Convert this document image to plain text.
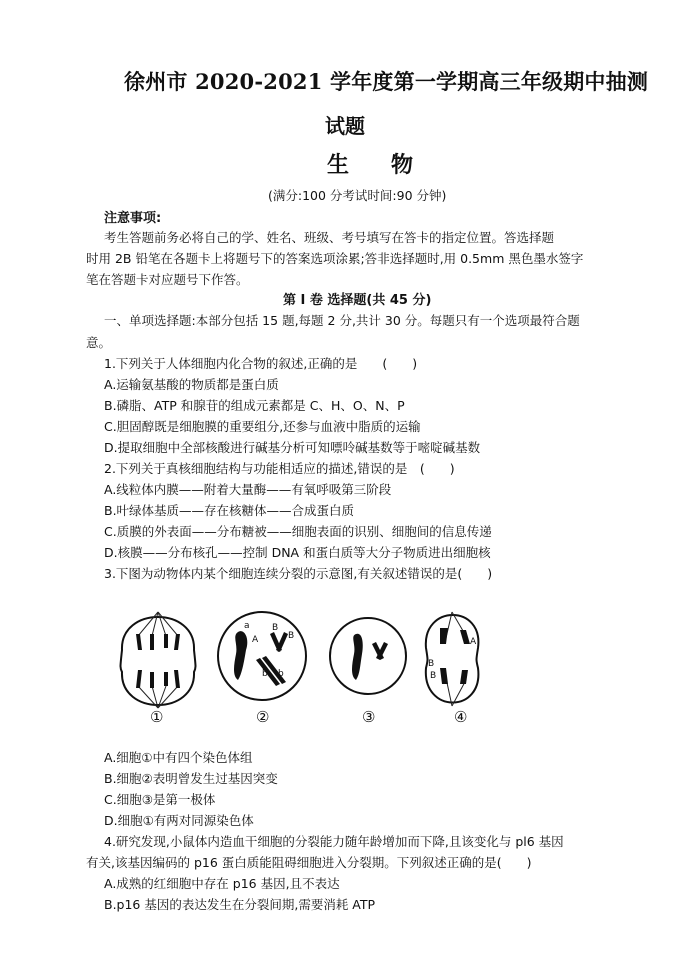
徐州市 2020-2021 学年度第一学期高三年级期中抽测
试题
生物
(满分:100 分考试时间:90 分钟)
注意事项:
考生答题前务必将自己的学、姓名、班级、考号填写在答卡的指定位置。答选择题
时用 2B 铅笔在各题卡上将题号下的答案选项涂累;答非选择题时,用 0.5mm 黑色墨水签字
笔在答题卡对应题号下作答。
第 I 卷 选择题(共 45 分)
一、单项选择题:本部分包括 15 题,每题 2 分,共计 30 分。每题只有一个选项最符合题
意。
1.下列关于人体细胞内化合物的叙述,正确的是　　(　　)
A.运输氨基酸的物质都是蛋白质
B.磷脂、ATP 和腺苷的组成元素都是 C、H、O、N、P
C.胆固醇既是细胞膜的重要组分,还参与血液中脂质的运输
D.提取细胞中全部核酸进行碱基分析可知嘌呤碱基数等于嘧啶碱基数
2.下列关于真核细胞结构与功能相适应的描述,错误的是　(　　)
A.线粒体内膜——附着大量酶——有氧呼吸第三阶段
B.叶绿体基质——存在核糖体——合成蛋白质
C.质膜的外表面——分布糖被——细胞表面的识别、细胞间的信息传递
D.核膜——分布核孔——控制 DNA 和蛋白质等大分子物质进出细胞核
3.下图为动物体内某个细胞连续分裂的示意图,有关叙述错误的是(　　)
a
A
B
B
b b
A
B
B
①	②	③	④
A.细胞①中有四个染色体组
B.细胞②表明曾发生过基因突变
C.细胞③是第一极体
D.细胞①有两对同源染色体
4.研究发现,小鼠体内造血干细胞的分裂能力随年龄增加而下降,且该变化与 pl6 基因
有关,该基因编码的 p16 蛋白质能阻碍细胞进入分裂期。下列叙述正确的是(　　)
A.成熟的红细胞中存在 p16 基因,且不表达
B.p16 基因的表达发生在分裂间期,需要消耗 ATP
